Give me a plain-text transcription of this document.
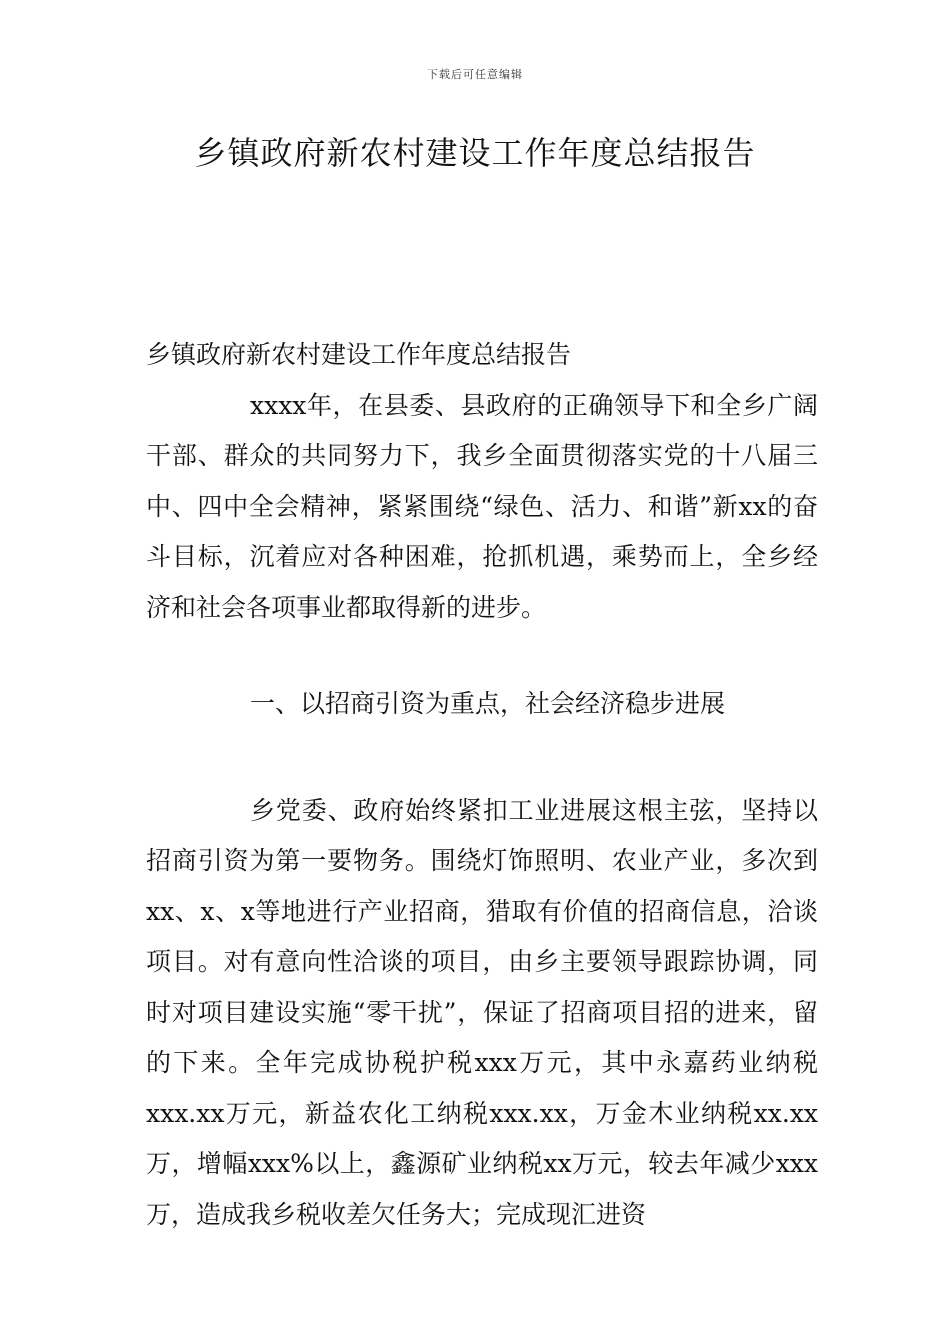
下载后可任意编辑
乡镇政府新农村建设工作年度总结报告

乡镇政府新农村建设工作年度总结报告

xxxx年，在县委、县政府的正确领导下和全乡广阔干部、群众的共同努力下，我乡全面贯彻落实党的十八届三中、四中全会精神，紧紧围绕“绿色、活力、和谐”新xx的奋斗目标，沉着应对各种困难，抢抓机遇，乘势而上，全乡经济和社会各项事业都取得新的进步。

一、以招商引资为重点，社会经济稳步进展

乡党委、政府始终紧扣工业进展这根主弦，坚持以招商引资为第一要物务。围绕灯饰照明、农业产业，多次到xx、x、x等地进行产业招商，猎取有价值的招商信息，洽谈项目。对有意向性洽谈的项目，由乡主要领导跟踪协调，同时对项目建设实施“零干扰”，保证了招商项目招的进来，留的下来。全年完成协税护税xxx万元，其中永嘉药业纳税xxx.xx万元，新益农化工纳税xxx.xx，万金木业纳税xx.xx万，增幅xxx%以上，鑫源矿业纳税xx万元，较去年减少xxx万，造成我乡税收差欠任务大；完成现汇进资
